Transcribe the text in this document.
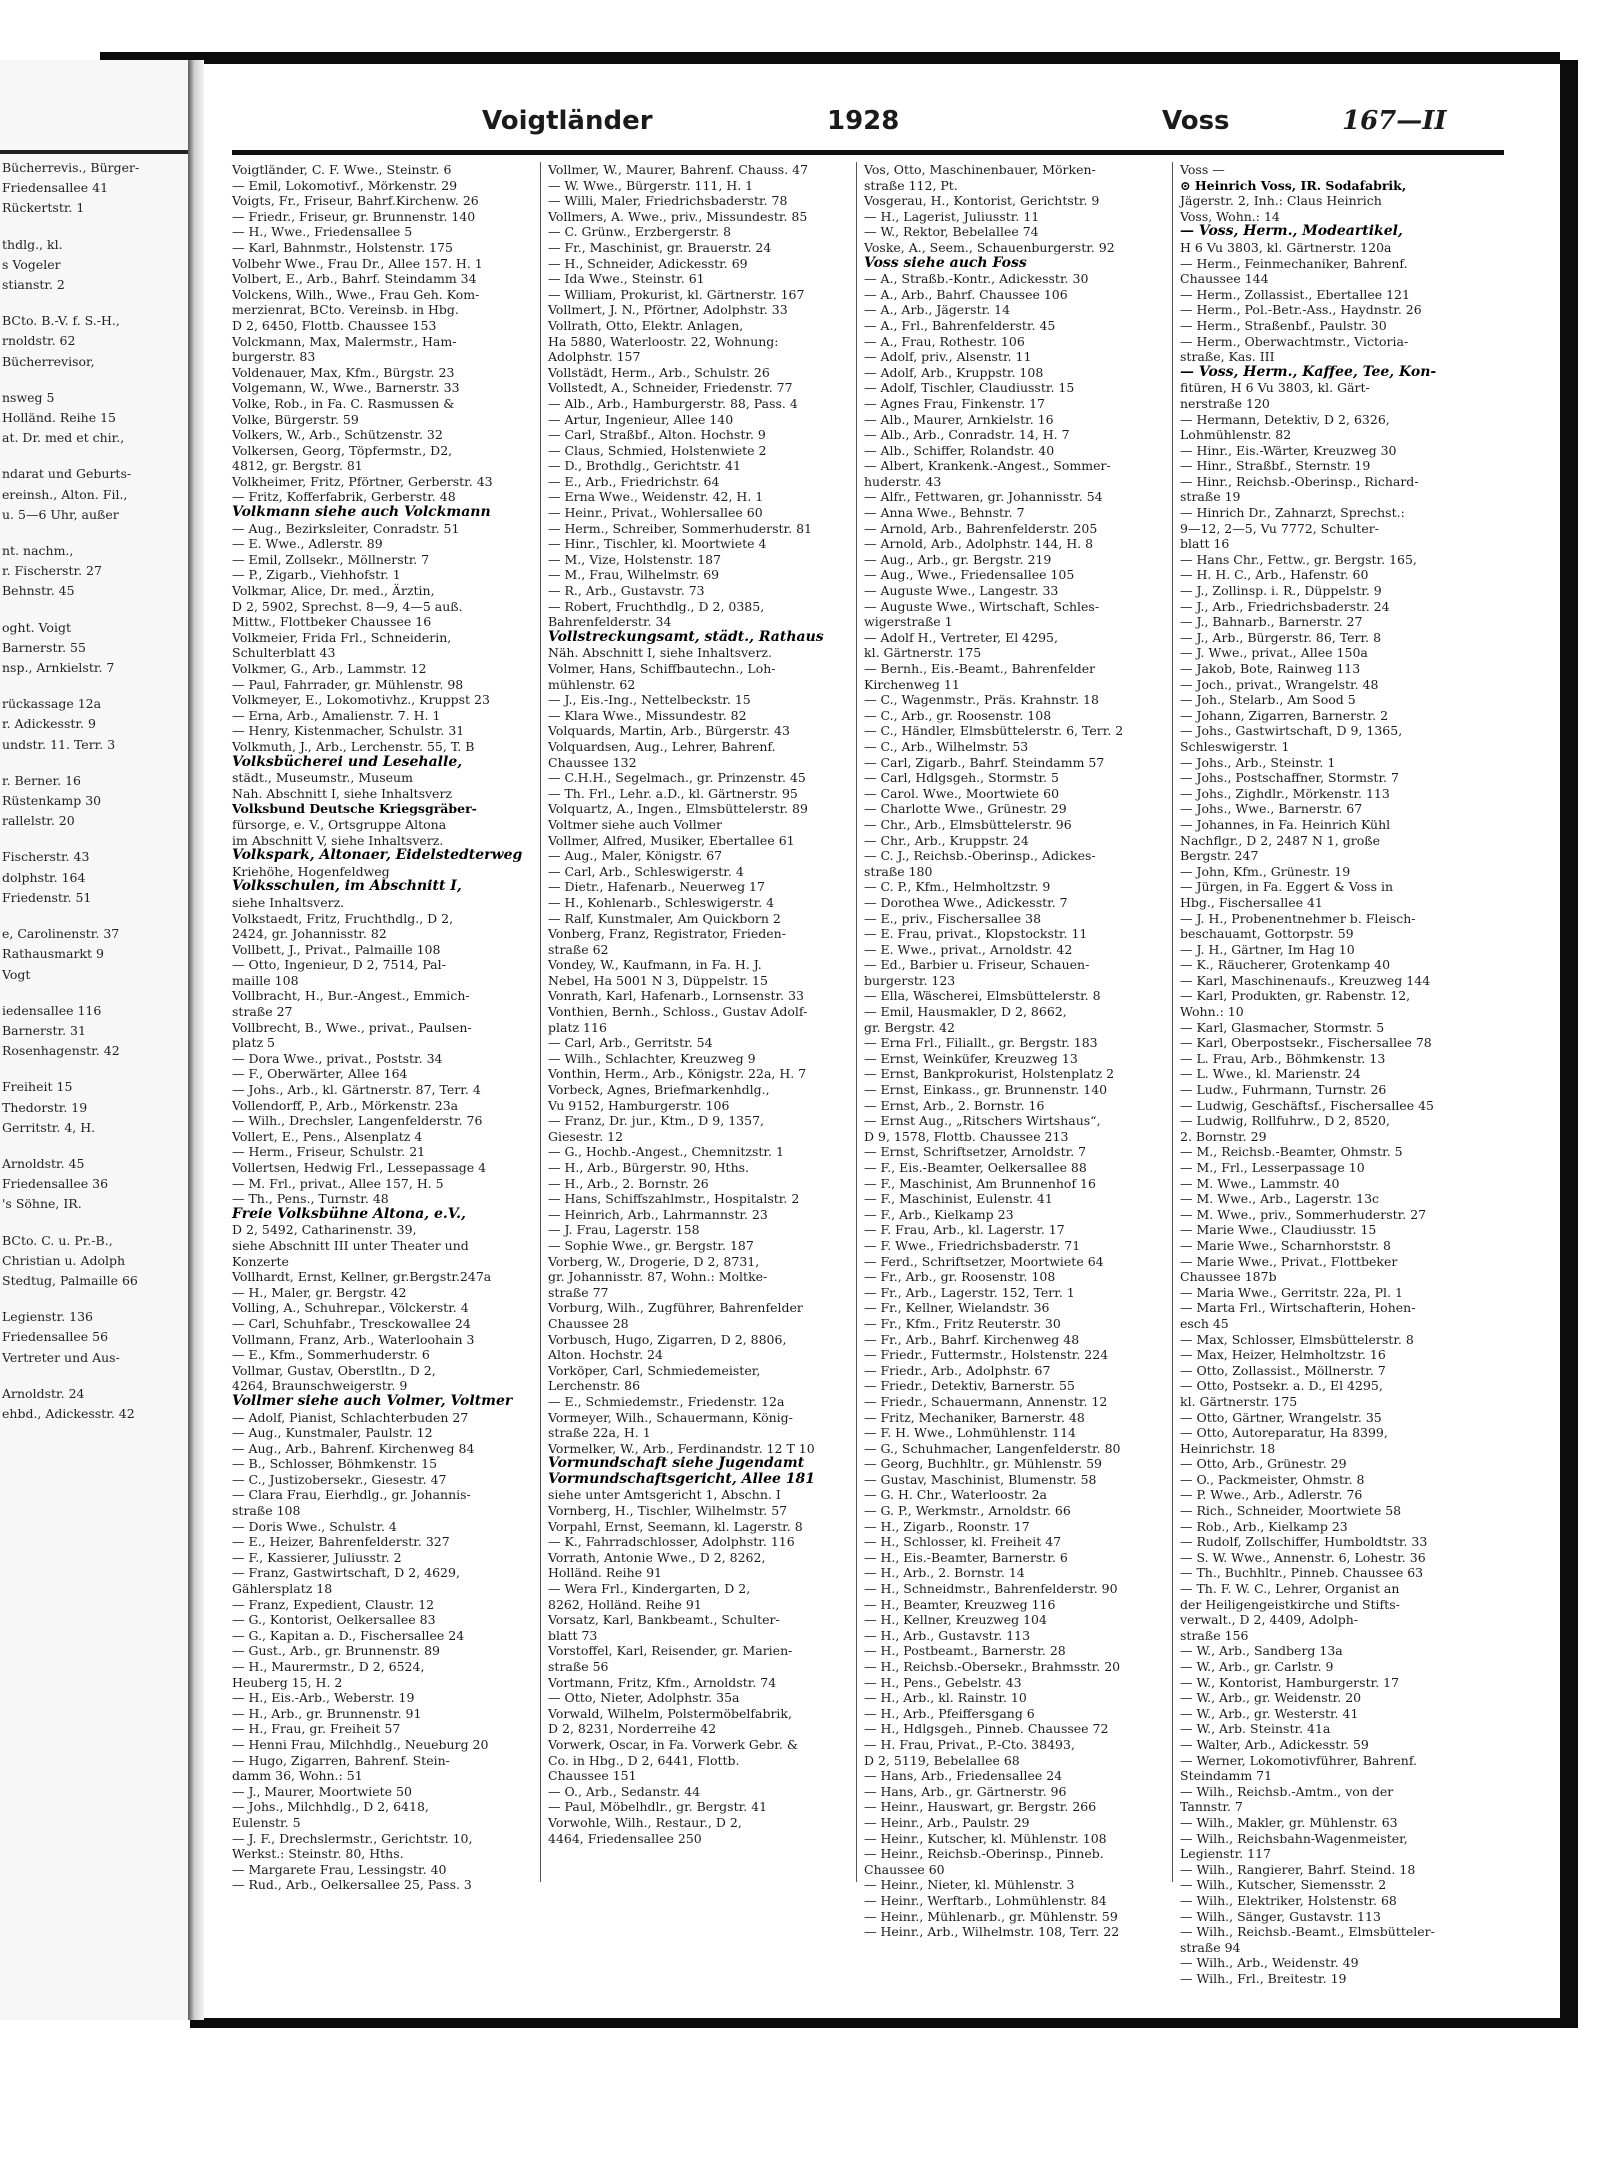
Bücherrevis., Bürger-
Friedensallee 41
Rückertstr. 1
thdlg., kl.
s Vogeler
stianstr. 2
BCto. B.-V. f. S.-H.,
rnoldstr. 62
Bücherrevisor,
nsweg 5
Holländ. Reihe 15
at. Dr. med et chir.,
ndarat und Geburts-
ereinsh., Alton. Fil.,
u. 5—6 Uhr, außer
nt. nachm.,
r. Fischerstr. 27
Behnstr. 45
oght. Voigt
Barnerstr. 55
nsp., Arnkielstr. 7
rückassage 12a
r. Adickesstr. 9
undstr. 11. Terr. 3
r. Berner. 16
Rüstenkamp 30
rallelstr. 20
Fischerstr. 43
dolphstr. 164
Friedenstr. 51
e, Carolinenstr. 37
Rathausmarkt 9
Vogt
iedensallee 116
Barnerstr. 31
Rosenhagenstr. 42
Freiheit 15
Thedorstr. 19
Gerritstr. 4, H.
Arnoldstr. 45
Friedensallee 36
's Söhne, IR.
BCto. C. u. Pr.-B.,
Christian u. Adolph
Stedtug, Palmaille 66
Legienstr. 136
Friedensallee 56
Vertreter und Aus-
Arnoldstr. 24
ehbd., Adickesstr. 42
Voigtländer	1928	Voss	167—II
Voigtländer, C. F. Wwe., Steinstr. 6
— Emil, Lokomotivf., Mörkenstr. 29
Voigts, Fr., Friseur, Bahrf.Kirchenw. 26
— Friedr., Friseur, gr. Brunnenstr. 140
— H., Wwe., Friedensallee 5
— Karl, Bahnmstr., Holstenstr. 175
Volbehr Wwe., Frau Dr., Allee 157. H. 1
Volbert, E., Arb., Bahrf. Steindamm 34
Volckens, Wilh., Wwe., Frau Geh. Kom-
merzienrat, BCto. Vereinsb. in Hbg.
D 2, 6450, Flottb. Chaussee 153
Volckmann, Max, Malermstr., Ham-
burgerstr. 83
Voldenauer, Max, Kfm., Bürgstr. 23
Volgemann, W., Wwe., Barnerstr. 33
Volke, Rob., in Fa. C. Rasmussen &
Volke, Bürgerstr. 59
Volkers, W., Arb., Schützenstr. 32
Volkersen, Georg, Töpfermstr., D2,
4812, gr. Bergstr. 81
Volkheimer, Fritz, Pförtner, Gerberstr. 43
— Fritz, Kofferfabrik, Gerberstr. 48
Volkmann siehe auch Volckmann
— Aug., Bezirksleiter, Conradstr. 51
— E. Wwe., Adlerstr. 89
— Emil, Zollsekr., Möllnerstr. 7
— P., Zigarb., Viehhofstr. 1
Volkmar, Alice, Dr. med., Ärztin,
D 2, 5902, Sprechst. 8—9, 4—5 auß.
Mittw., Flottbeker Chaussee 16
Volkmeier, Frida Frl., Schneiderin,
Schulterblatt 43
Volkmer, G., Arb., Lammstr. 12
— Paul, Fahrrader, gr. Mühlenstr. 98
Volkmeyer, E., Lokomotivhz., Kruppst 23
— Erna, Arb., Amalienstr. 7. H. 1
— Henry, Kistenmacher, Schulstr. 31
Volkmuth, J., Arb., Lerchenstr. 55, T. B
Volksbücherei und Lesehalle,
städt., Museumstr., Museum
Nah. Abschnitt I, siehe Inhaltsverz
Volksbund Deutsche Kriegsgräber-
fürsorge, e. V., Ortsgruppe Altona
im Abschnitt V, siehe Inhaltsverz.
Volkspark, Altonaer, Eidelstedterweg
Kriehöhe, Hogenfeldweg
Volksschulen, im Abschnitt I,
siehe Inhaltsverz.
Volkstaedt, Fritz, Fruchthdlg., D 2,
2424, gr. Johannisstr. 82
Vollbett, J., Privat., Palmaille 108
— Otto, Ingenieur, D 2, 7514, Pal-
maille 108
Vollbracht, H., Bur.-Angest., Emmich-
straße 27
Vollbrecht, B., Wwe., privat., Paulsen-
platz 5
— Dora Wwe., privat., Poststr. 34
— F., Oberwärter, Allee 164
— Johs., Arb., kl. Gärtnerstr. 87, Terr. 4
Vollendorff, P., Arb., Mörkenstr. 23a
— Wilh., Drechsler, Langenfelderstr. 76
Vollert, E., Pens., Alsenplatz 4
— Herm., Friseur, Schulstr. 21
Vollertsen, Hedwig Frl., Lessepassage 4
— M. Frl., privat., Allee 157, H. 5
— Th., Pens., Turnstr. 48
Freie Volksbühne Altona, e.V.,
D 2, 5492, Catharinenstr. 39,
siehe Abschnitt III unter Theater und
Konzerte
Vollhardt, Ernst, Kellner, gr.Bergstr.247a
— H., Maler, gr. Bergstr. 42
Volling, A., Schuhrepar., Völckerstr. 4
— Carl, Schuhfabr., Tresckowallee 24
Vollmann, Franz, Arb., Waterloohain 3
— E., Kfm., Sommerhuderstr. 6
Vollmar, Gustav, Oberstltn., D 2,
4264, Braunschweigerstr. 9
Vollmer siehe auch Volmer, Voltmer
— Adolf, Pianist, Schlachterbuden 27
— Aug., Kunstmaler, Paulstr. 12
— Aug., Arb., Bahrenf. Kirchenweg 84
— B., Schlosser, Böhmkenstr. 15
— C., Justizobersekr., Giesestr. 47
— Clara Frau, Eierhdlg., gr. Johannis-
straße 108
— Doris Wwe., Schulstr. 4
— E., Heizer, Bahrenfelderstr. 327
— F., Kassierer, Juliusstr. 2
— Franz, Gastwirtschaft, D 2, 4629,
Gählersplatz 18
— Franz, Expedient, Claustr. 12
— G., Kontorist, Oelkersallee 83
— G., Kapitan a. D., Fischersallee 24
— Gust., Arb., gr. Brunnenstr. 89
— H., Maurermstr., D 2, 6524,
Heuberg 15, H. 2
— H., Eis.-Arb., Weberstr. 19
— H., Arb., gr. Brunnenstr. 91
— H., Frau, gr. Freiheit 57
— Henni Frau, Milchhdlg., Neueburg 20
— Hugo, Zigarren, Bahrenf. Stein-
damm 36, Wohn.: 51
— J., Maurer, Moortwiete 50
— Johs., Milchhdlg., D 2, 6418,
Eulenstr. 5
— J. F., Drechslermstr., Gerichtstr. 10,
Werkst.: Steinstr. 80, Hths.
— Margarete Frau, Lessingstr. 40
— Rud., Arb., Oelkersallee 25, Pass. 3
Vollmer, W., Maurer, Bahrenf. Chauss. 47
— W. Wwe., Bürgerstr. 111, H. 1
— Willi, Maler, Friedrichsbaderstr. 78
Vollmers, A. Wwe., priv., Missundestr. 85
— C. Grünw., Erzbergerstr. 8
— Fr., Maschinist, gr. Brauerstr. 24
— H., Schneider, Adickesstr. 69
— Ida Wwe., Steinstr. 61
— William, Prokurist, kl. Gärtnerstr. 167
Vollmert, J. N., Pförtner, Adolphstr. 33
Vollrath, Otto, Elektr. Anlagen,
Ha 5880, Waterloostr. 22, Wohnung:
Adolphstr. 157
Vollstädt, Herm., Arb., Schulstr. 26
Vollstedt, A., Schneider, Friedenstr. 77
— Alb., Arb., Hamburgerstr. 88, Pass. 4
— Artur, Ingenieur, Allee 140
— Carl, Straßbf., Alton. Hochstr. 9
— Claus, Schmied, Holstenwiete 2
— D., Brothdlg., Gerichtstr. 41
— E., Arb., Friedrichstr. 64
— Erna Wwe., Weidenstr. 42, H. 1
— Heinr., Privat., Wohlersallee 60
— Herm., Schreiber, Sommerhuderstr. 81
— Hinr., Tischler, kl. Moortwiete 4
— M., Vize, Holstenstr. 187
— M., Frau, Wilhelmstr. 69
— R., Arb., Gustavstr. 73
— Robert, Fruchthdlg., D 2, 0385,
Bahrenfelderstr. 34
Vollstreckungsamt, städt., Rathaus
Näh. Abschnitt I, siehe Inhaltsverz.
Volmer, Hans, Schiffbautechn., Loh-
mühlenstr. 62
— J., Eis.-Ing., Nettelbeckstr. 15
— Klara Wwe., Missundestr. 82
Volquards, Martin, Arb., Bürgerstr. 43
Volquardsen, Aug., Lehrer, Bahrenf.
Chaussee 132
— C.H.H., Segelmach., gr. Prinzenstr. 45
— Th. Frl., Lehr. a.D., kl. Gärtnerstr. 95
Volquartz, A., Ingen., Elmsbüttelerstr. 89
Voltmer siehe auch Vollmer
Vollmer, Alfred, Musiker, Ebertallee 61
— Aug., Maler, Königstr. 67
— Carl, Arb., Schleswigerstr. 4
— Dietr., Hafenarb., Neuerweg 17
— H., Kohlenarb., Schleswigerstr. 4
— Ralf, Kunstmaler, Am Quickborn 2
Vonberg, Franz, Registrator, Frieden-
straße 62
Vondey, W., Kaufmann, in Fa. H. J.
Nebel, Ha 5001 N 3, Düppelstr. 15
Vonrath, Karl, Hafenarb., Lornsenstr. 33
Vonthien, Bernh., Schloss., Gustav Adolf-
platz 116
— Carl, Arb., Gerritstr. 54
— Wilh., Schlachter, Kreuzweg 9
Vonthin, Herm., Arb., Königstr. 22a, H. 7
Vorbeck, Agnes, Briefmarkenhdlg.,
Vu 9152, Hamburgerstr. 106
— Franz, Dr. jur., Ktm., D 9, 1357,
Giesestr. 12
— G., Hochb.-Angest., Chemnitzstr. 1
— H., Arb., Bürgerstr. 90, Hths.
— H., Arb., 2. Bornstr. 26
— Hans, Schiffszahlmstr., Hospitalstr. 2
— Heinrich, Arb., Lahrmannstr. 23
— J. Frau, Lagerstr. 158
— Sophie Wwe., gr. Bergstr. 187
Vorberg, W., Drogerie, D 2, 8731,
gr. Johannisstr. 87, Wohn.: Moltke-
straße 77
Vorburg, Wilh., Zugführer, Bahrenfelder
Chaussee 28
Vorbusch, Hugo, Zigarren, D 2, 8806,
Alton. Hochstr. 24
Vorköper, Carl, Schmiedemeister,
Lerchenstr. 86
— E., Schmiedemstr., Friedenstr. 12a
Vormeyer, Wilh., Schauermann, König-
straße 22a, H. 1
Vormelker, W., Arb., Ferdinandstr. 12 T 10
Vormundschaft siehe Jugendamt
Vormundschaftsgericht, Allee 181
siehe unter Amtsgericht 1, Abschn. I
Vornberg, H., Tischler, Wilhelmstr. 57
Vorpahl, Ernst, Seemann, kl. Lagerstr. 8
— K., Fahrradschlosser, Adolphstr. 116
Vorrath, Antonie Wwe., D 2, 8262,
Holländ. Reihe 91
— Wera Frl., Kindergarten, D 2,
8262, Holländ. Reihe 91
Vorsatz, Karl, Bankbeamt., Schulter-
blatt 73
Vorstoffel, Karl, Reisender, gr. Marien-
straße 56
Vortmann, Fritz, Kfm., Arnoldstr. 74
— Otto, Nieter, Adolphstr. 35a
Vorwald, Wilhelm, Polstermöbelfabrik,
D 2, 8231, Norderreihe 42
Vorwerk, Oscar, in Fa. Vorwerk Gebr. &
Co. in Hbg., D 2, 6441, Flottb.
Chaussee 151
— O., Arb., Sedanstr. 44
— Paul, Möbelhdlr., gr. Bergstr. 41
Vorwohle, Wilh., Restaur., D 2,
4464, Friedensallee 250
Vos, Otto, Maschinenbauer, Mörken-
straße 112, Pt.
Vosgerau, H., Kontorist, Gerichtstr. 9
— H., Lagerist, Juliusstr. 11
— W., Rektor, Bebelallee 74
Voske, A., Seem., Schauenburgerstr. 92
Voss siehe auch Foss
— A., Straßb.-Kontr., Adickesstr. 30
— A., Arb., Bahrf. Chaussee 106
— A., Arb., Jägerstr. 14
— A., Frl., Bahrenfelderstr. 45
— A., Frau, Rothestr. 106
— Adolf, priv., Alsenstr. 11
— Adolf, Arb., Kruppstr. 108
— Adolf, Tischler, Claudiusstr. 15
— Agnes Frau, Finkenstr. 17
— Alb., Maurer, Arnkielstr. 16
— Alb., Arb., Conradstr. 14, H. 7
— Alb., Schiffer, Rolandstr. 40
— Albert, Krankenk.-Angest., Sommer-
huderstr. 43
— Alfr., Fettwaren, gr. Johannisstr. 54
— Anna Wwe., Behnstr. 7
— Arnold, Arb., Bahrenfelderstr. 205
— Arnold, Arb., Adolphstr. 144, H. 8
— Aug., Arb., gr. Bergstr. 219
— Aug., Wwe., Friedensallee 105
— Auguste Wwe., Langestr. 33
— Auguste Wwe., Wirtschaft, Schles-
wigerstraße 1
— Adolf H., Vertreter, El 4295,
kl. Gärtnerstr. 175
— Bernh., Eis.-Beamt., Bahrenfelder
Kirchenweg 11
— C., Wagenmstr., Präs. Krahnstr. 18
— C., Arb., gr. Roosenstr. 108
— C., Händler, Elmsbüttelerstr. 6, Terr. 2
— C., Arb., Wilhelmstr. 53
— Carl, Zigarb., Bahrf. Steindamm 57
— Carl, Hdlgsgeh., Stormstr. 5
— Carol. Wwe., Moortwiete 60
— Charlotte Wwe., Grünestr. 29
— Chr., Arb., Elmsbüttelerstr. 96
— Chr., Arb., Kruppstr. 24
— C. J., Reichsb.-Oberinsp., Adickes-
straße 180
— C. P., Kfm., Helmholtzstr. 9
— Dorothea Wwe., Adickesstr. 7
— E., priv., Fischersallee 38
— E. Frau, privat., Klopstockstr. 11
— E. Wwe., privat., Arnoldstr. 42
— Ed., Barbier u. Friseur, Schauen-
burgerstr. 123
— Ella, Wäscherei, Elmsbüttelerstr. 8
— Emil, Hausmakler, D 2, 8662,
gr. Bergstr. 42
— Erna Frl., Filiallt., gr. Bergstr. 183
— Ernst, Weinküfer, Kreuzweg 13
— Ernst, Bankprokurist, Holstenplatz 2
— Ernst, Einkass., gr. Brunnenstr. 140
— Ernst, Arb., 2. Bornstr. 16
— Ernst Aug., „Ritschers Wirtshaus“,
D 9, 1578, Flottb. Chaussee 213
— Ernst, Schriftsetzer, Arnoldstr. 7
— F., Eis.-Beamter, Oelkersallee 88
— F., Maschinist, Am Brunnenhof 16
— F., Maschinist, Eulenstr. 41
— F., Arb., Kielkamp 23
— F. Frau, Arb., kl. Lagerstr. 17
— F. Wwe., Friedrichsbaderstr. 71
— Ferd., Schriftsetzer, Moortwiete 64
— Fr., Arb., gr. Roosenstr. 108
— Fr., Arb., Lagerstr. 152, Terr. 1
— Fr., Kellner, Wielandstr. 36
— Fr., Kfm., Fritz Reuterstr. 30
— Fr., Arb., Bahrf. Kirchenweg 48
— Friedr., Futtermstr., Holstenstr. 224
— Friedr., Arb., Adolphstr. 67
— Friedr., Detektiv, Barnerstr. 55
— Friedr., Schauermann, Annenstr. 12
— Fritz, Mechaniker, Barnerstr. 48
— F. H. Wwe., Lohmühlenstr. 114
— G., Schuhmacher, Langenfelderstr. 80
— Georg, Buchhltr., gr. Mühlenstr. 59
— Gustav, Maschinist, Blumenstr. 58
— G. H. Chr., Waterloostr. 2a
— G. P., Werkmstr., Arnoldstr. 66
— H., Zigarb., Roonstr. 17
— H., Schlosser, kl. Freiheit 47
— H., Eis.-Beamter, Barnerstr. 6
— H., Arb., 2. Bornstr. 14
— H., Schneidmstr., Bahrenfelderstr. 90
— H., Beamter, Kreuzweg 116
— H., Kellner, Kreuzweg 104
— H., Arb., Gustavstr. 113
— H., Postbeamt., Barnerstr. 28
— H., Reichsb.-Obersekr., Brahmsstr. 20
— H., Pens., Gebelstr. 43
— H., Arb., kl. Rainstr. 10
— H., Arb., Pfeiffersgang 6
— H., Hdlgsgeh., Pinneb. Chaussee 72
— H. Frau, Privat., P.-Cto. 38493,
D 2, 5119, Bebelallee 68
— Hans, Arb., Friedensallee 24
— Hans, Arb., gr. Gärtnerstr. 96
— Heinr., Hauswart, gr. Bergstr. 266
— Heinr., Arb., Paulstr. 29
— Heinr., Kutscher, kl. Mühlenstr. 108
— Heinr., Reichsb.-Oberinsp., Pinneb.
Chaussee 60
— Heinr., Nieter, kl. Mühlenstr. 3
— Heinr., Werftarb., Lohmühlenstr. 84
— Heinr., Mühlenarb., gr. Mühlenstr. 59
— Heinr., Arb., Wilhelmstr. 108, Terr. 22
Voss —
⊙ Heinrich Voss, IR. Sodafabrik,
Jägerstr. 2, Inh.: Claus Heinrich
Voss, Wohn.: 14
— Voss, Herm., Modeartikel,
H 6 Vu 3803, kl. Gärtnerstr. 120a
— Herm., Feinmechaniker, Bahrenf.
Chaussee 144
— Herm., Zollassist., Ebertallee 121
— Herm., Pol.-Betr.-Ass., Haydnstr. 26
— Herm., Straßenbf., Paulstr. 30
— Herm., Oberwachtmstr., Victoria-
straße, Kas. III
— Voss, Herm., Kaffee, Tee, Kon-
fitüren, H 6 Vu 3803, kl. Gärt-
nerstraße 120
— Hermann, Detektiv, D 2, 6326,
Lohmühlenstr. 82
— Hinr., Eis.-Wärter, Kreuzweg 30
— Hinr., Straßbf., Sternstr. 19
— Hinr., Reichsb.-Oberinsp., Richard-
straße 19
— Hinrich Dr., Zahnarzt, Sprechst.:
9—12, 2—5, Vu 7772, Schulter-
blatt 16
— Hans Chr., Fettw., gr. Bergstr. 165,
— H. H. C., Arb., Hafenstr. 60
— J., Zollinsp. i. R., Düppelstr. 9
— J., Arb., Friedrichsbaderstr. 24
— J., Bahnarb., Barnerstr. 27
— J., Arb., Bürgerstr. 86, Terr. 8
— J. Wwe., privat., Allee 150a
— Jakob, Bote, Rainweg 113
— Joch., privat., Wrangelstr. 48
— Joh., Stelarb., Am Sood 5
— Johann, Zigarren, Barnerstr. 2
— Johs., Gastwirtschaft, D 9, 1365,
Schleswigerstr. 1
— Johs., Arb., Steinstr. 1
— Johs., Postschaffner, Stormstr. 7
— Johs., Zighdlr., Mörkenstr. 113
— Johs., Wwe., Barnerstr. 67
— Johannes, in Fa. Heinrich Kühl
Nachflgr., D 2, 2487 N 1, große
Bergstr. 247
— John, Kfm., Grünestr. 19
— Jürgen, in Fa. Eggert & Voss in
Hbg., Fischersallee 41
— J. H., Probenentnehmer b. Fleisch-
beschauamt, Gottorpstr. 59
— J. H., Gärtner, Im Hag 10
— K., Räucherer, Grotenkamp 40
— Karl, Maschinenaufs., Kreuzweg 144
— Karl, Produkten, gr. Rabenstr. 12,
Wohn.: 10
— Karl, Glasmacher, Stormstr. 5
— Karl, Oberpostsekr., Fischersallee 78
— L. Frau, Arb., Böhmkenstr. 13
— L. Wwe., kl. Marienstr. 24
— Ludw., Fuhrmann, Turnstr. 26
— Ludwig, Geschäftsf., Fischersallee 45
— Ludwig, Rollfuhrw., D 2, 8520,
2. Bornstr. 29
— M., Reichsb.-Beamter, Ohmstr. 5
— M., Frl., Lesserpassage 10
— M. Wwe., Lammstr. 40
— M. Wwe., Arb., Lagerstr. 13c
— M. Wwe., priv., Sommerhuderstr. 27
— Marie Wwe., Claudiusstr. 15
— Marie Wwe., Scharnhorststr. 8
— Marie Wwe., Privat., Flottbeker
Chaussee 187b
— Maria Wwe., Gerritstr. 22a, Pl. 1
— Marta Frl., Wirtschafterin, Hohen-
esch 45
— Max, Schlosser, Elmsbüttelerstr. 8
— Max, Heizer, Helmholtzstr. 16
— Otto, Zollassist., Möllnerstr. 7
— Otto, Postsekr. a. D., El 4295,
kl. Gärtnerstr. 175
— Otto, Gärtner, Wrangelstr. 35
— Otto, Autoreparatur, Ha 8399,
Heinrichstr. 18
— Otto, Arb., Grünestr. 29
— O., Packmeister, Ohmstr. 8
— P. Wwe., Arb., Adlerstr. 76
— Rich., Schneider, Moortwiete 58
— Rob., Arb., Kielkamp 23
— Rudolf, Zollschiffer, Humboldtstr. 33
— S. W. Wwe., Annenstr. 6, Lohestr. 36
— Th., Buchhltr., Pinneb. Chaussee 63
— Th. F. W. C., Lehrer, Organist an
der Heiligengeistkirche und Stifts-
verwalt., D 2, 4409, Adolph-
straße 156
— W., Arb., Sandberg 13a
— W., Arb., gr. Carlstr. 9
— W., Kontorist, Hamburgerstr. 17
— W., Arb., gr. Weidenstr. 20
— W., Arb., gr. Westerstr. 41
— W., Arb. Steinstr. 41a
— Walter, Arb., Adickesstr. 59
— Werner, Lokomotivführer, Bahrenf.
Steindamm 71
— Wilh., Reichsb.-Amtm., von der
Tannstr. 7
— Wilh., Makler, gr. Mühlenstr. 63
— Wilh., Reichsbahn-Wagenmeister,
Legienstr. 117
— Wilh., Rangierer, Bahrf. Steind. 18
— Wilh., Kutscher, Siemensstr. 2
— Wilh., Elektriker, Holstenstr. 68
— Wilh., Sänger, Gustavstr. 113
— Wilh., Reichsb.-Beamt., Elmsbütteler-
straße 94
— Wilh., Arb., Weidenstr. 49
— Wilh., Frl., Breitestr. 19
